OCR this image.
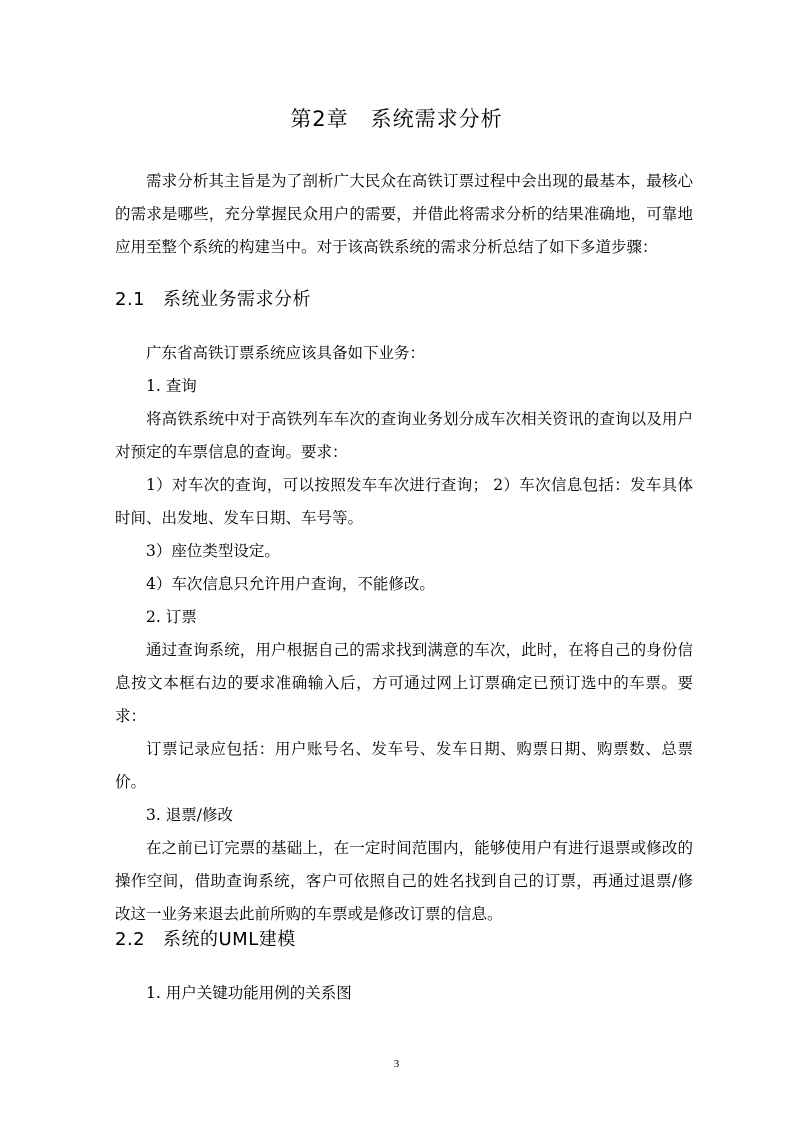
第2章　系统需求分析

需求分析其主旨是为了剖析广大民众在高铁订票过程中会出现的最基本，最核心的需求是哪些，充分掌握民众用户的需要，并借此将需求分析的结果准确地，可靠地应用至整个系统的构建当中。对于该高铁系统的需求分析总结了如下多道步骤：

2.1 系统业务需求分析

广东省高铁订票系统应该具备如下业务：

1. 查询

将高铁系统中对于高铁列车车次的查询业务划分成车次相关资讯的查询以及用户对预定的车票信息的查询。要求：

1）对车次的查询，可以按照发车车次进行查询； 2）车次信息包括：发车具体时间、出发地、发车日期、车号等。

3）座位类型设定。

4）车次信息只允许用户查询，不能修改。

2. 订票

通过查询系统，用户根据自己的需求找到满意的车次，此时，在将自己的身份信息按文本框右边的要求准确输入后，方可通过网上订票确定已预订选中的车票。要求：

订票记录应包括：用户账号名、发车号、发车日期、购票日期、购票数、总票价。

3. 退票/修改

在之前已订完票的基础上，在一定时间范围内，能够使用户有进行退票或修改的操作空间，借助查询系统，客户可依照自己的姓名找到自己的订票，再通过退票/修改这一业务来退去此前所购的车票或是修改订票的信息。

2.2 系统的UML建模

1. 用户关键功能用例的关系图

3
